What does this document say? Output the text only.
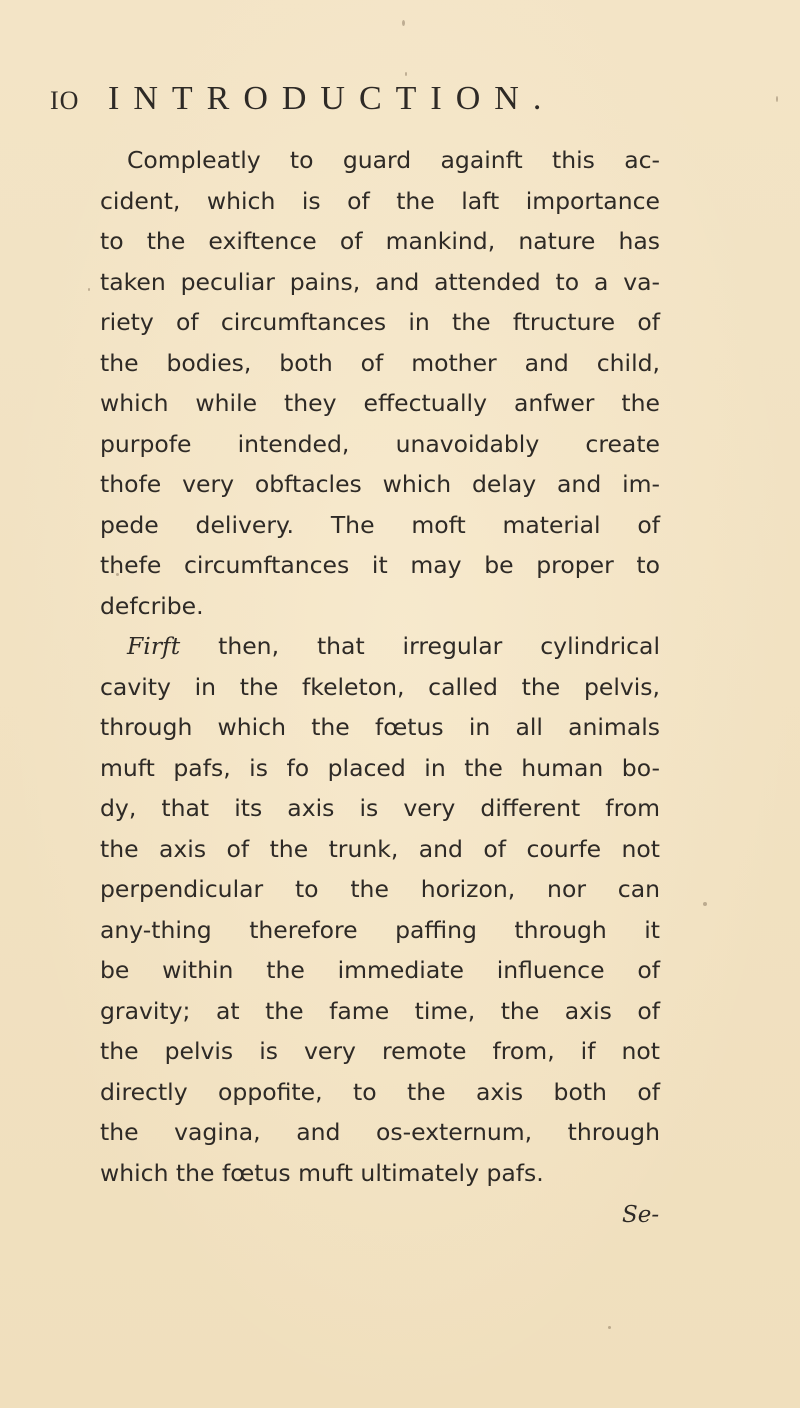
IO INTRODUCTION.
Compleatly to guard againft this ac-
cident, which is of the laft importance
to the exiftence of mankind, nature has
taken peculiar pains, and attended to a va-
riety of circumftances in the ftructure of
the bodies, both of mother and child,
which while they effectually anfwer the
purpofe intended, unavoidably create
thofe very obftacles which delay and im-
pede delivery. The moft material of
thefe circumftances it may be proper to
defcribe.
Firft then, that irregular cylindrical
cavity in the fkeleton, called the pelvis,
through which the fœtus in all animals
muft pafs, is fo placed in the human bo-
dy, that its axis is very different from
the axis of the trunk, and of courfe not
perpendicular to the horizon, nor can
any-thing therefore paffing through it
be within the immediate influence of
gravity; at the fame time, the axis of
the pelvis is very remote from, if not
directly oppofite, to the axis both of
the vagina, and os-externum, through
which the fœtus muft ultimately pafs.
Se-
